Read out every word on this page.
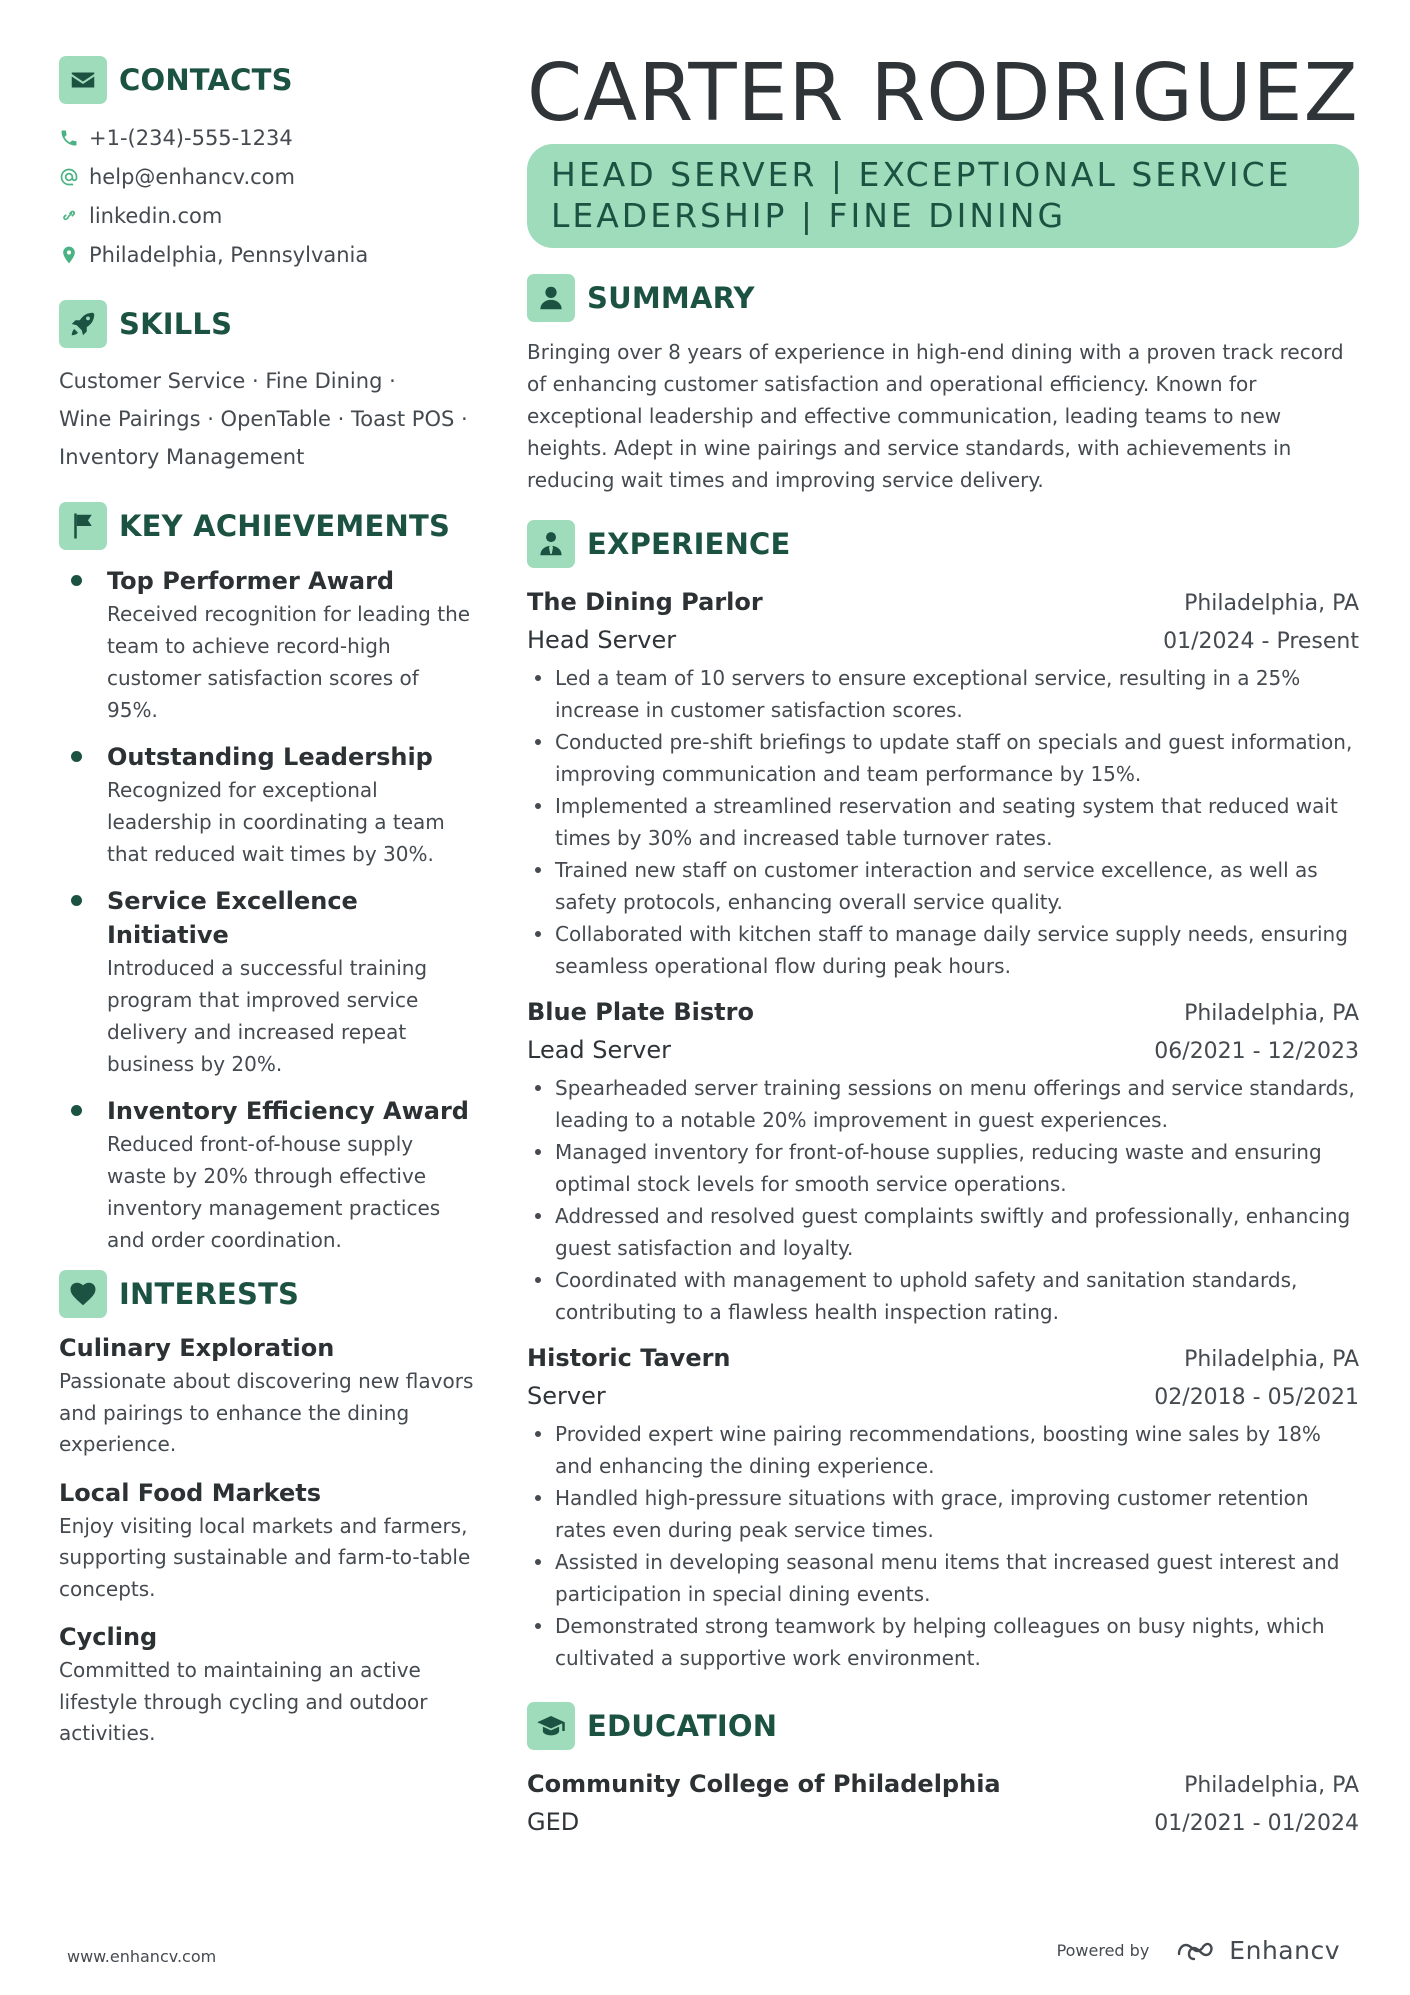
CONTACTS
+1-(234)-555-1234
help@enhancv.com
linkedin.com
Philadelphia, Pennsylvania
SKILLS
Customer Service · Fine Dining ·
Wine Pairings · OpenTable · Toast POS ·
Inventory Management
KEY ACHIEVEMENTS
Top Performer Award
Received recognition for leading the team to achieve record-high customer satisfaction scores of 95%.
Outstanding Leadership
Recognized for exceptional leadership in coordinating a team that reduced wait times by 30%.
Service Excellence Initiative
Introduced a successful training program that improved service delivery and increased repeat business by 20%.
Inventory Efficiency Award
Reduced front-of-house supply waste by 20% through effective inventory management practices and order coordination.
INTERESTS
Culinary Exploration
Passionate about discovering new flavors and pairings to enhance the dining experience.
Local Food Markets
Enjoy visiting local markets and farmers, supporting sustainable and farm-to-table concepts.
Cycling
Committed to maintaining an active lifestyle through cycling and outdoor activities.
CARTER RODRIGUEZ
HEAD SERVER | EXCEPTIONAL SERVICE LEADERSHIP | FINE DINING
SUMMARY
Bringing over 8 years of experience in high-end dining with a proven track record of enhancing customer satisfaction and operational efficiency. Known for exceptional leadership and effective communication, leading teams to new heights. Adept in wine pairings and service standards, with achievements in reducing wait times and improving service delivery.
EXPERIENCE
The Dining Parlor	Philadelphia, PA
Head Server	01/2024 - Present
Led a team of 10 servers to ensure exceptional service, resulting in a 25% increase in customer satisfaction scores.
Conducted pre-shift briefings to update staff on specials and guest information, improving communication and team performance by 15%.
Implemented a streamlined reservation and seating system that reduced wait times by 30% and increased table turnover rates.
Trained new staff on customer interaction and service excellence, as well as safety protocols, enhancing overall service quality.
Collaborated with kitchen staff to manage daily service supply needs, ensuring seamless operational flow during peak hours.
Blue Plate Bistro	Philadelphia, PA
Lead Server	06/2021 - 12/2023
Spearheaded server training sessions on menu offerings and service standards, leading to a notable 20% improvement in guest experiences.
Managed inventory for front-of-house supplies, reducing waste and ensuring optimal stock levels for smooth service operations.
Addressed and resolved guest complaints swiftly and professionally, enhancing guest satisfaction and loyalty.
Coordinated with management to uphold safety and sanitation standards, contributing to a flawless health inspection rating.
Historic Tavern	Philadelphia, PA
Server	02/2018 - 05/2021
Provided expert wine pairing recommendations, boosting wine sales by 18% and enhancing the dining experience.
Handled high-pressure situations with grace, improving customer retention rates even during peak service times.
Assisted in developing seasonal menu items that increased guest interest and participation in special dining events.
Demonstrated strong teamwork by helping colleagues on busy nights, which cultivated a supportive work environment.
EDUCATION
Community College of Philadelphia	Philadelphia, PA
GED	01/2021 - 01/2024
www.enhancv.com	Powered by	Enhancv
